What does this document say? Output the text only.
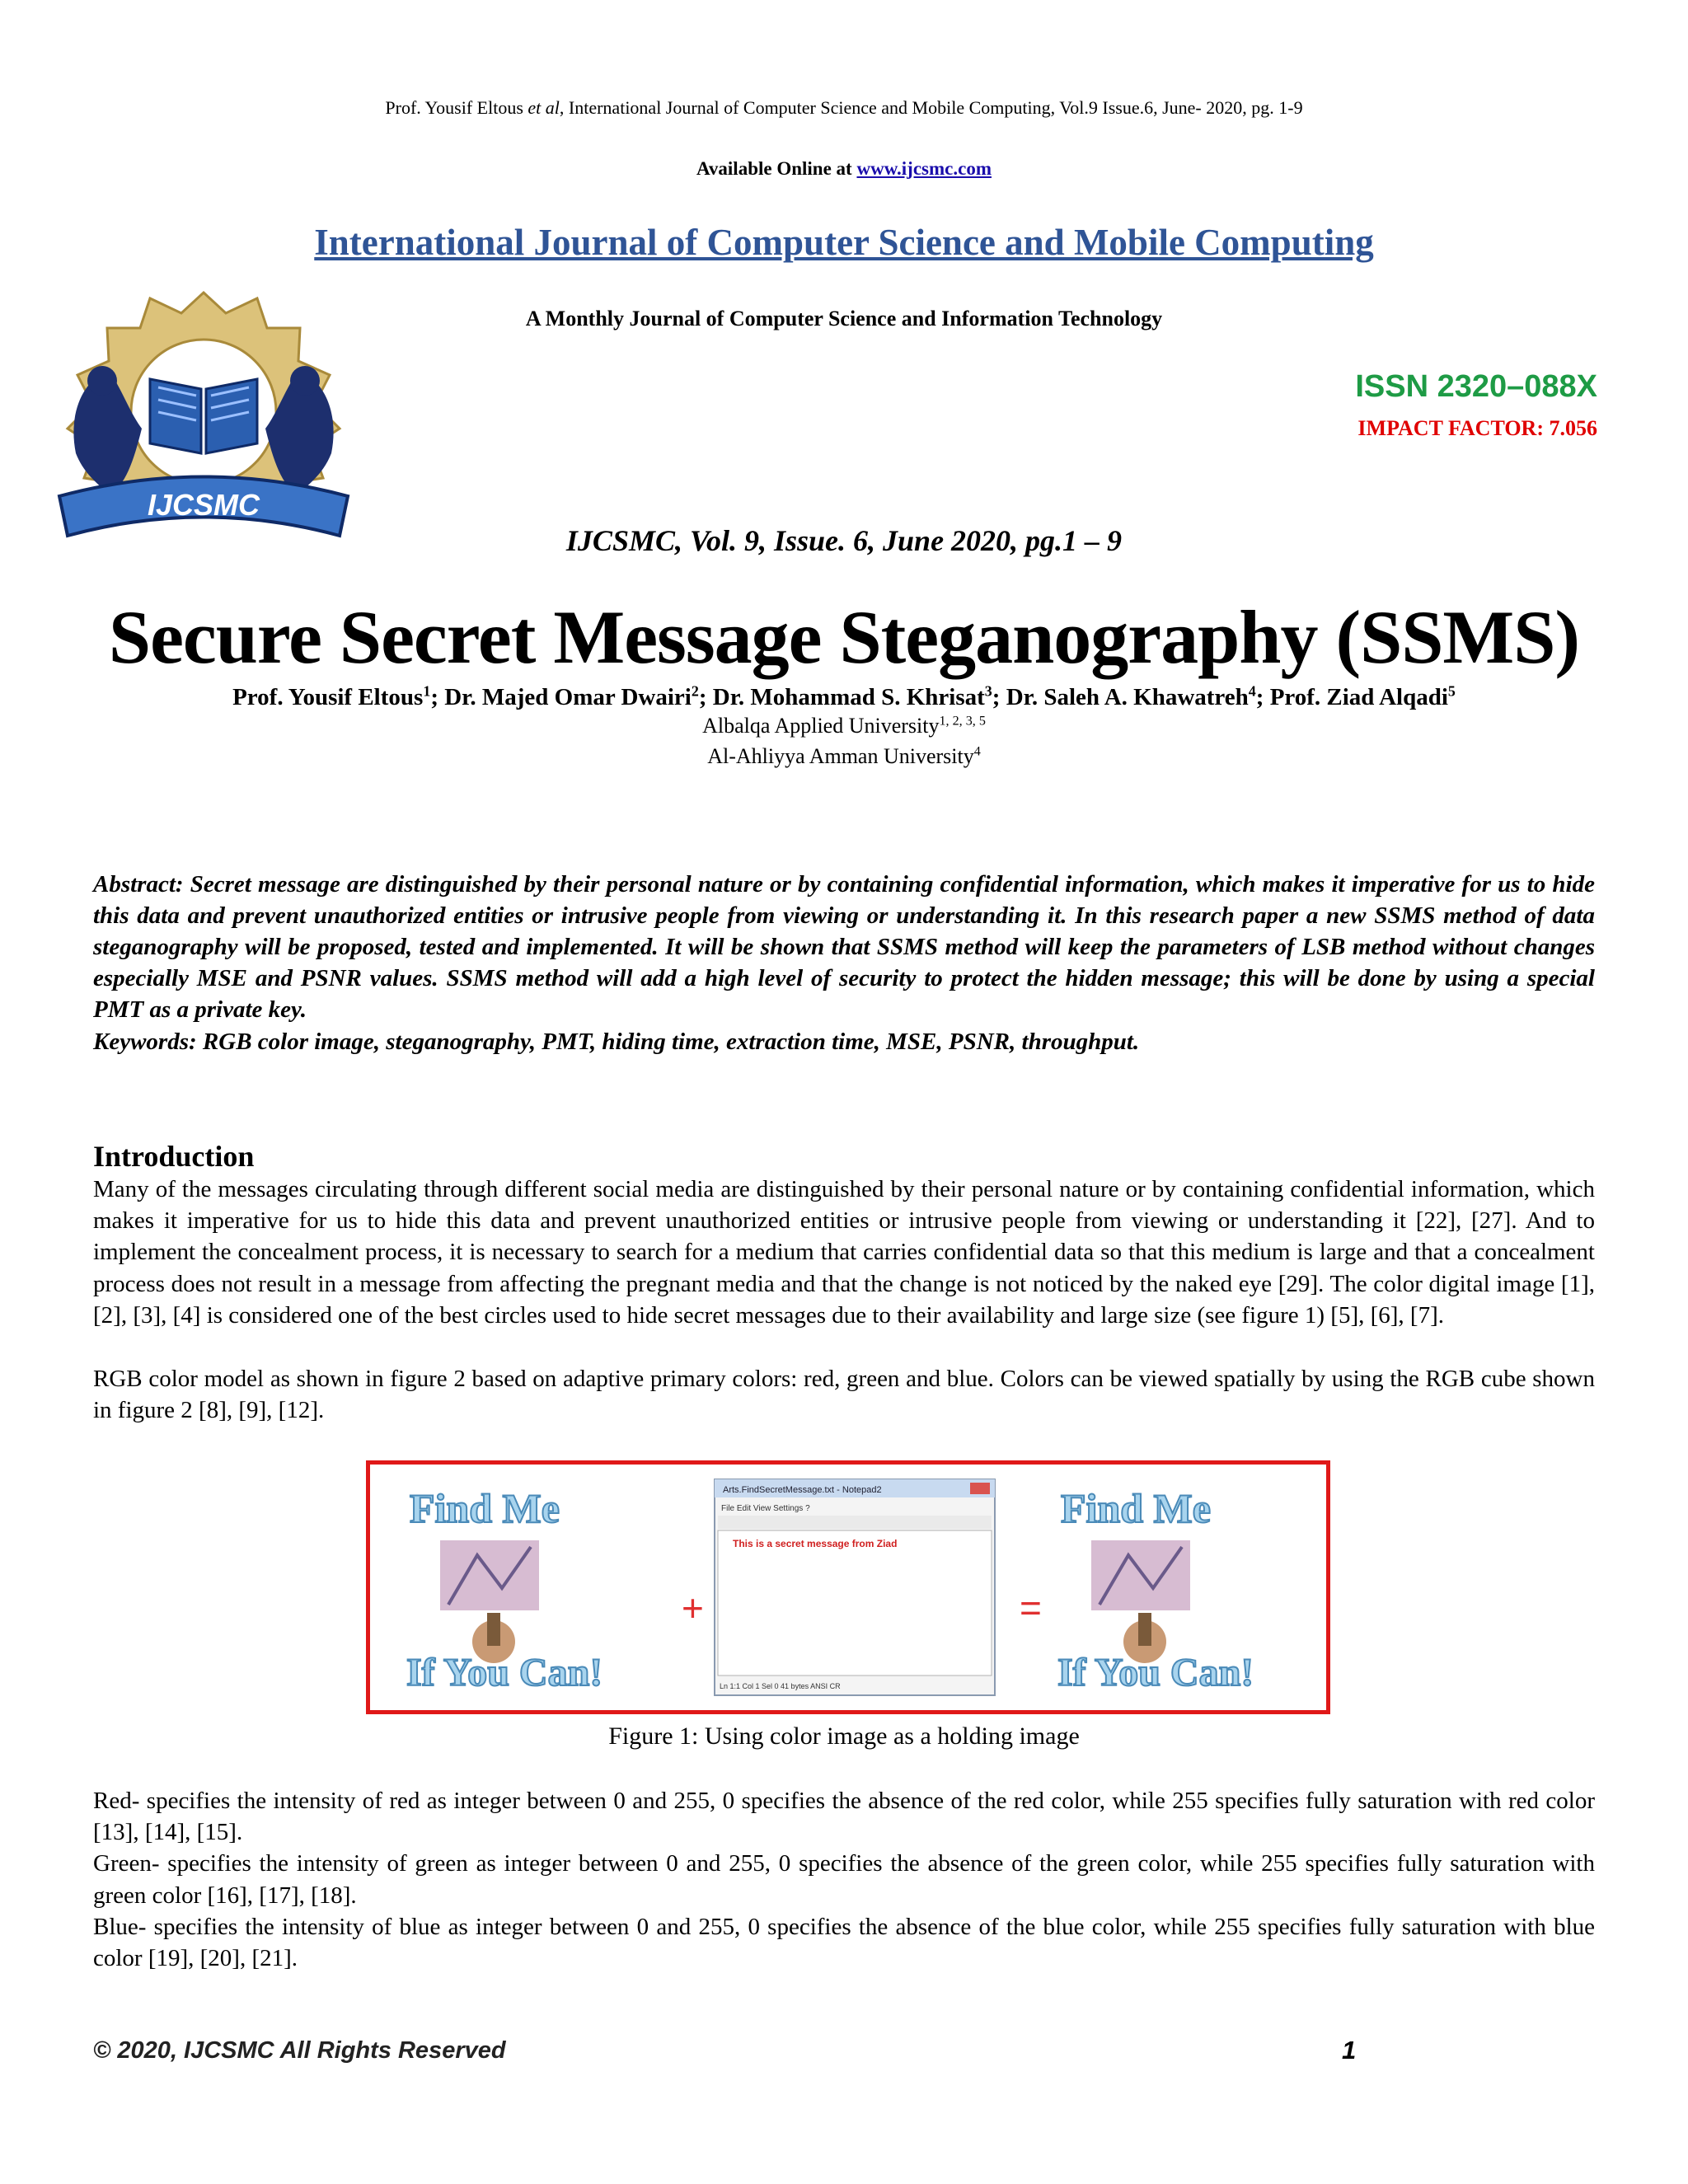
Prof. Yousif Eltous et al, International Journal of Computer Science and Mobile Computing, Vol.9 Issue.6, June- 2020, pg. 1-9
Available Online at www.ijcsmc.com
International Journal of Computer Science and Mobile Computing
A Monthly Journal of Computer Science and Information Technology
IJCSMC
ISSN 2320–088X
IMPACT FACTOR: 7.056
IJCSMC, Vol. 9, Issue. 6, June 2020, pg.1 – 9
Secure Secret Message Steganography (SSMS)
Prof. Yousif Eltous$^1$; Dr. Majed Omar Dwairi$^2$; Dr. Mohammad S. Khrisat$^3$; Dr. Saleh A. Khawatreh$^4$; Prof. Ziad Alqadi$^5$
Albalqa Applied University$^{1, 2, 3, 5}$
Al-Ahliyya Amman University$^4$
Abstract: Secret message are distinguished by their personal nature or by containing confidential information, which makes it imperative for us to hide this data and prevent unauthorized entities or intrusive people from viewing or understanding it. In this research paper a new SSMS method of data steganography will be proposed, tested and implemented. It will be shown that SSMS method will keep the parameters of LSB method without changes especially MSE and PSNR values. SSMS method will add a high level of security to protect the hidden message; this will be done by using a special PMT as a private key.
Keywords: RGB color image, steganography, PMT, hiding time, extraction time, MSE, PSNR, throughput.
Introduction
Many of the messages circulating through different social media are distinguished by their personal nature or by containing confidential information, which makes it imperative for us to hide this data and prevent unauthorized entities or intrusive people from viewing or understanding it [22], [27]. And to implement the concealment process, it is necessary to search for a medium that carries confidential data so that this medium is large and that a concealment process does not result in a message from affecting the pregnant media and that the change is not noticed by the naked eye [29]. The color digital image [1], [2], [3], [4] is considered one of the best circles used to hide secret messages due to their availability and large size (see figure 1) [5], [6], [7].
RGB color model as shown in figure 2 based on adaptive primary colors: red, green and blue. Colors can be viewed spatially by using the RGB cube shown in figure 2 [8], [9], [12].
Find Me
If You Can!
+
Arts.FindSecretMessage.txt - Notepad2
File Edit View Settings ?
This is a secret message from Ziad
Ln 1:1 Col 1 Sel 0 41 bytes ANSI CR
=
Find Me
If You Can!
Figure 1: Using color image as a holding image
Red- specifies the intensity of red as integer between 0 and 255, 0 specifies the absence of the red color, while 255 specifies fully saturation with red color [13], [14], [15].
Green- specifies the intensity of green as integer between 0 and 255, 0 specifies the absence of the green color, while 255 specifies fully saturation with green color [16], [17], [18].
Blue- specifies the intensity of blue as integer between 0 and 255, 0 specifies the absence of the blue color, while 255 specifies fully saturation with blue color [19], [20], [21].
© 2020, IJCSMC All Rights Reserved	1
